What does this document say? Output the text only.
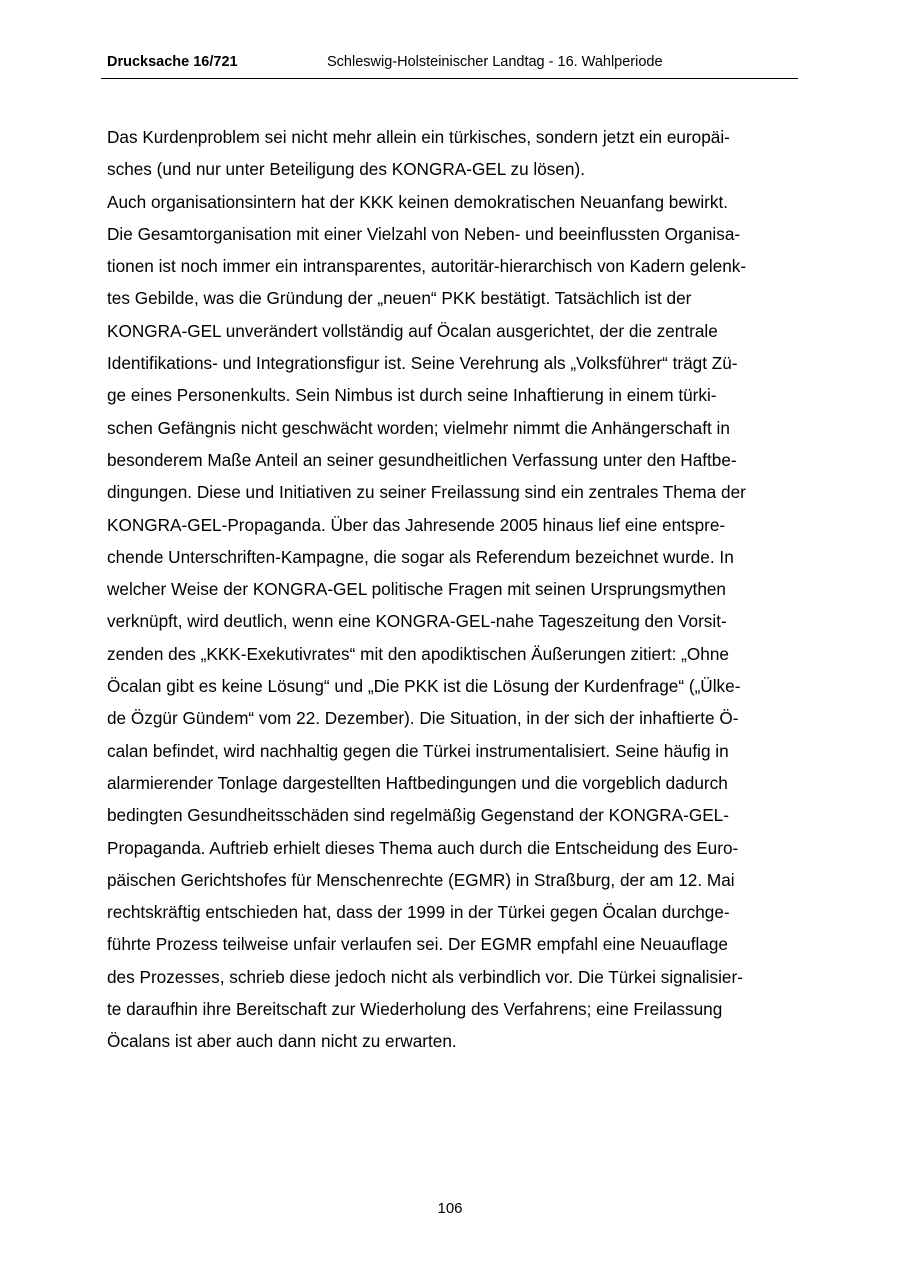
Drucksache 16/721	Schleswig-Holsteinischer Landtag - 16. Wahlperiode
Das Kurdenproblem sei nicht mehr allein ein türkisches, sondern jetzt ein europäi-
sches (und nur unter Beteiligung des KONGRA-GEL zu lösen).
Auch organisationsintern hat der KKK keinen demokratischen Neuanfang bewirkt.
Die Gesamtorganisation mit einer Vielzahl von Neben- und beeinflussten Organisa-
tionen ist noch immer ein intransparentes, autoritär-hierarchisch von Kadern gelenk-
tes Gebilde, was die Gründung der „neuen“ PKK bestätigt. Tatsächlich ist der
KONGRA-GEL unverändert vollständig auf Öcalan ausgerichtet, der die zentrale
Identifikations- und Integrationsfigur ist. Seine Verehrung als „Volksführer“ trägt Zü-
ge eines Personenkults. Sein Nimbus ist durch seine Inhaftierung in einem türki-
schen Gefängnis nicht geschwächt worden; vielmehr nimmt die Anhängerschaft in
besonderem Maße Anteil an seiner gesundheitlichen Verfassung unter den Haftbe-
dingungen. Diese und Initiativen zu seiner Freilassung sind ein zentrales Thema der
KONGRA-GEL-Propaganda. Über das Jahresende 2005 hinaus lief eine entspre-
chende Unterschriften-Kampagne, die sogar als Referendum bezeichnet wurde. In
welcher Weise der KONGRA-GEL politische Fragen mit seinen Ursprungsmythen
verknüpft, wird deutlich, wenn eine KONGRA-GEL-nahe Tageszeitung den Vorsit-
zenden des „KKK-Exekutivrates“ mit den apodiktischen Äußerungen zitiert: „Ohne
Öcalan gibt es keine Lösung“ und „Die PKK ist die Lösung der Kurdenfrage“ („Ülke-
de Özgür Gündem“ vom 22. Dezember). Die Situation, in der sich der inhaftierte Ö-
calan befindet, wird nachhaltig gegen die Türkei instrumentalisiert. Seine häufig in
alarmierender Tonlage dargestellten Haftbedingungen und die vorgeblich dadurch
bedingten Gesundheitsschäden sind regelmäßig Gegenstand der KONGRA-GEL-
Propaganda. Auftrieb erhielt dieses Thema auch durch die Entscheidung des Euro-
päischen Gerichtshofes für Menschenrechte (EGMR) in Straßburg, der am 12. Mai
rechtskräftig entschieden hat, dass der 1999 in der Türkei gegen Öcalan durchge-
führte Prozess teilweise unfair verlaufen sei. Der EGMR empfahl eine Neuauflage
des Prozesses, schrieb diese jedoch nicht als verbindlich vor. Die Türkei signalisier-
te daraufhin ihre Bereitschaft zur Wiederholung des Verfahrens; eine Freilassung
Öcalans ist aber auch dann nicht zu erwarten.
106
